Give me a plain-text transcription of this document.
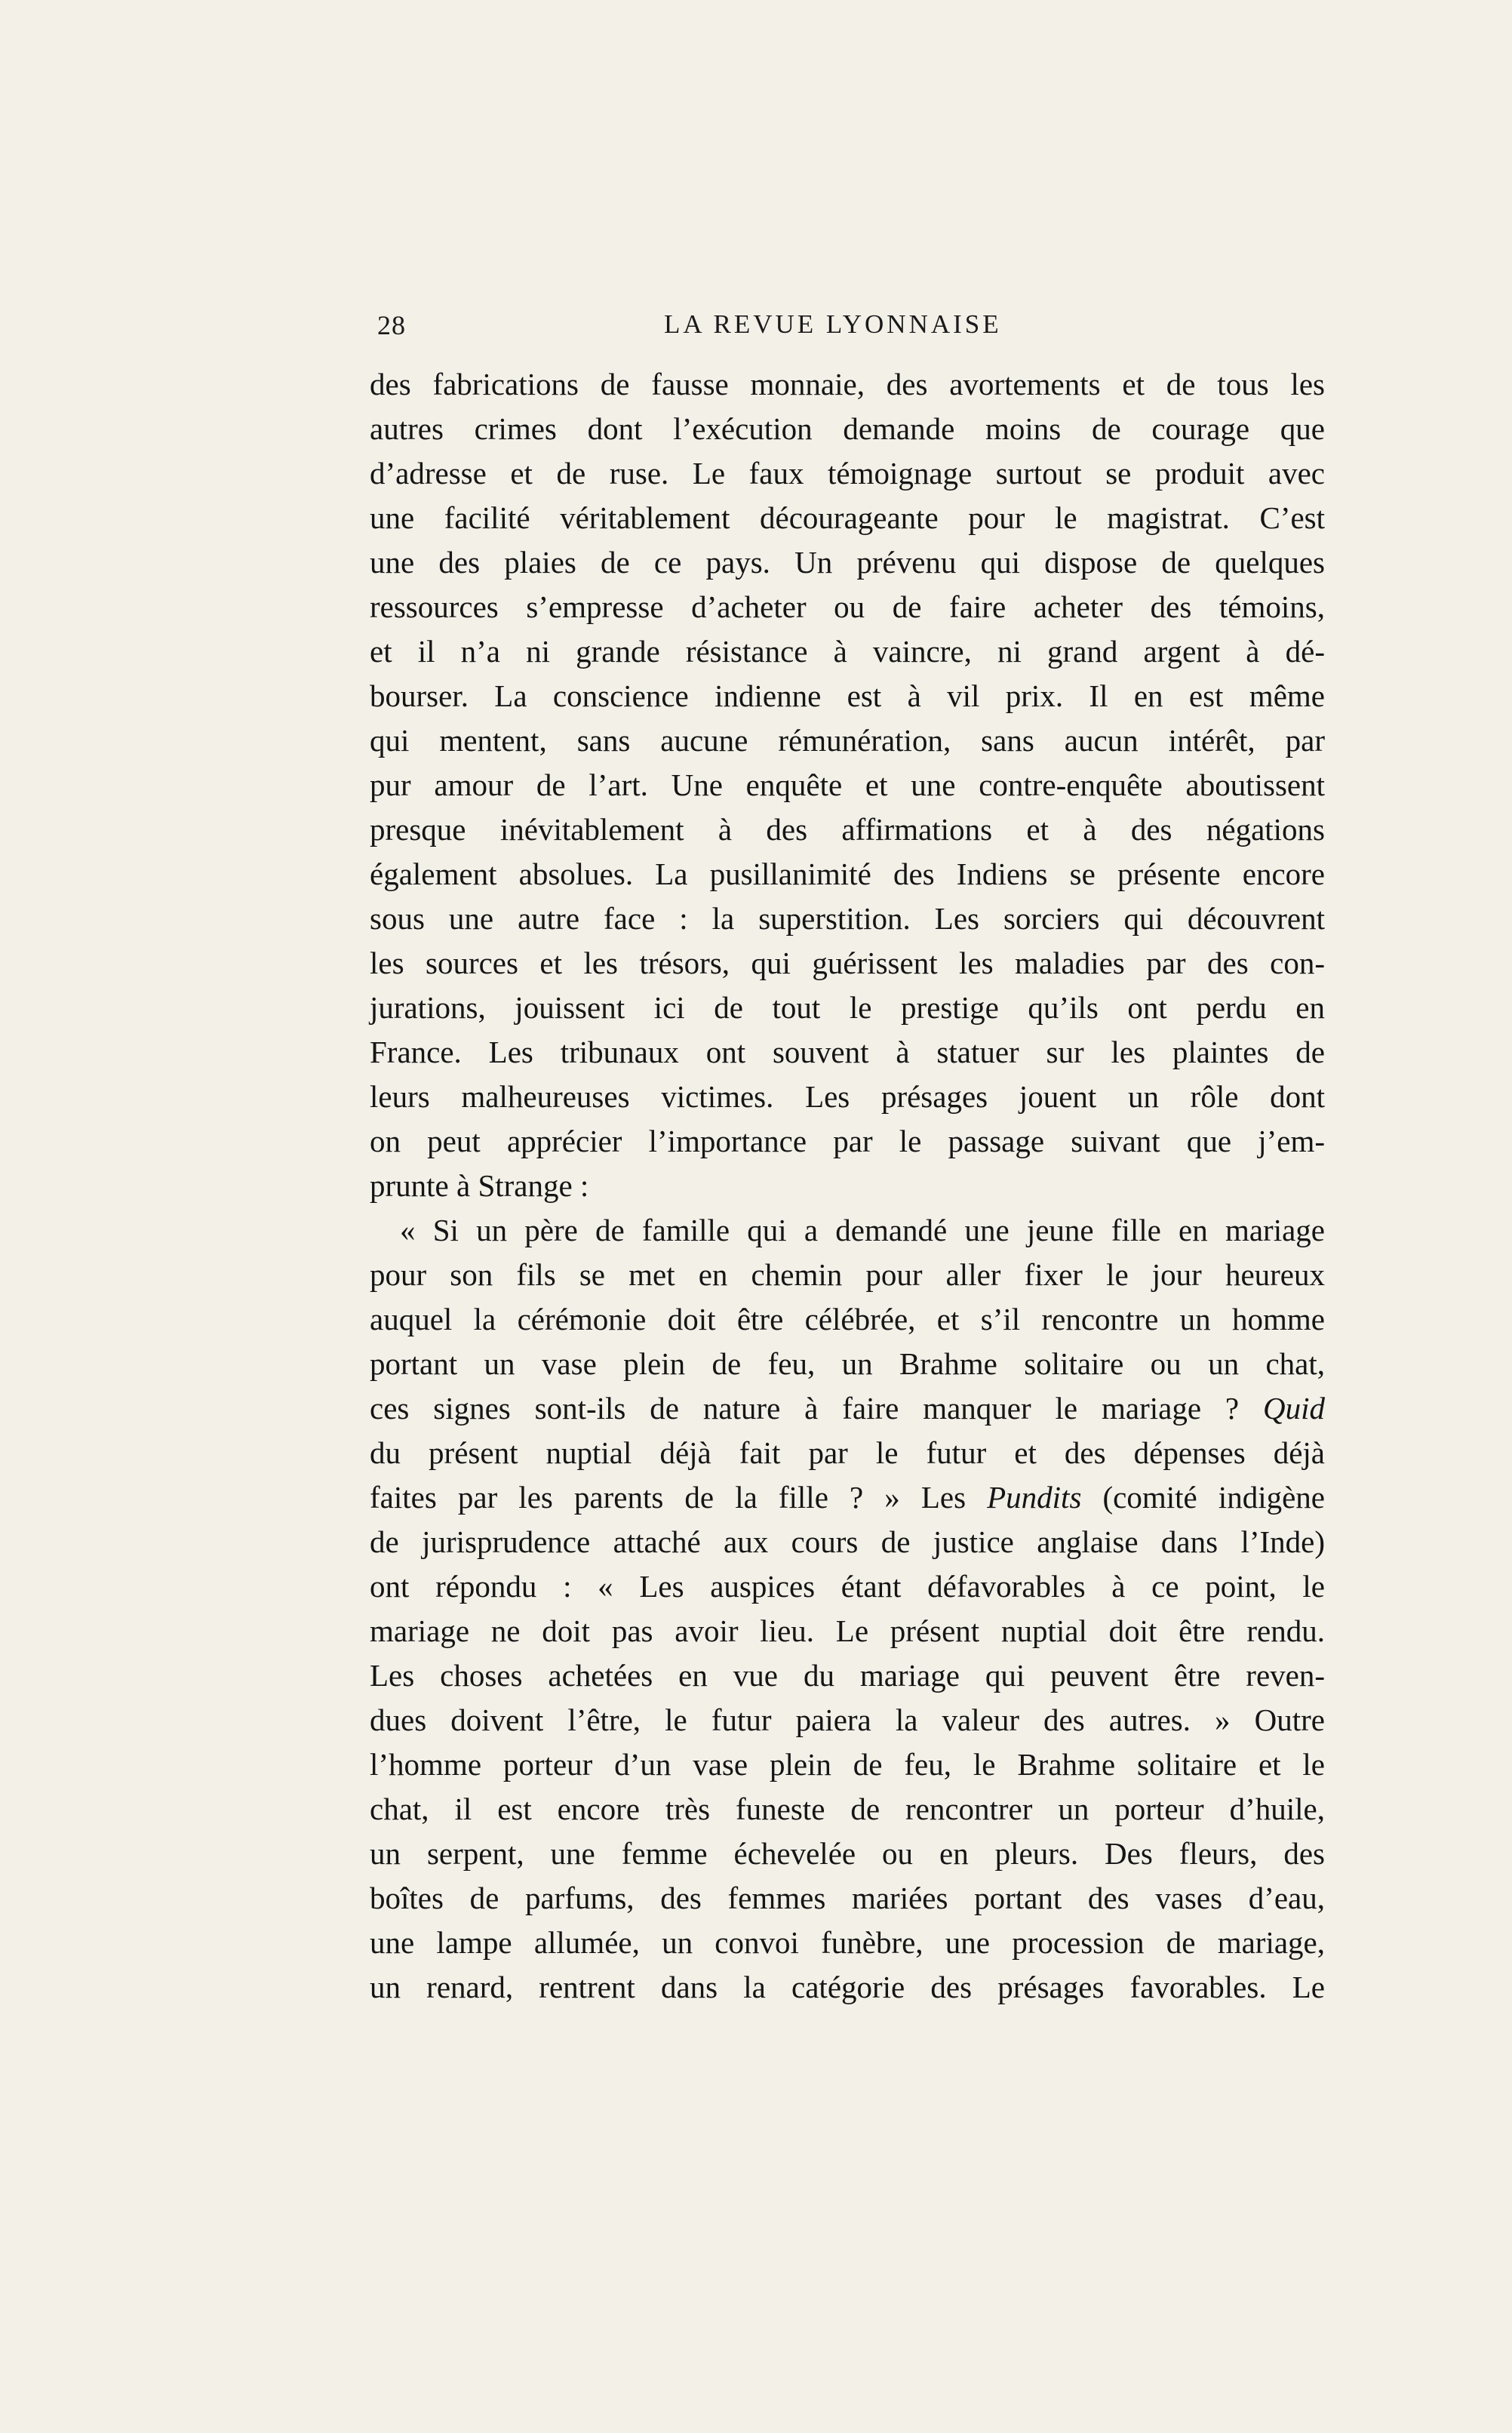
28	LA REVUE LYONNAISE
des fabrications de fausse monnaie, des avortements et de tous les
autres crimes dont l’exécution demande moins de courage que
d’adresse et de ruse. Le faux témoignage surtout se produit avec
une facilité véritablement décourageante pour le magistrat. C’est
une des plaies de ce pays. Un prévenu qui dispose de quelques
ressources s’empresse d’acheter ou de faire acheter des témoins,
et il n’a ni grande résistance à vaincre, ni grand argent à dé-
bourser. La conscience indienne est à vil prix. Il en est même
qui mentent, sans aucune rémunération, sans aucun intérêt, par
pur amour de l’art. Une enquête et une contre-enquête aboutissent
presque inévitablement à des affirmations et à des négations
également absolues. La pusillanimité des Indiens se présente encore
sous une autre face : la superstition. Les sorciers qui découvrent
les sources et les trésors, qui guérissent les maladies par des con-
jurations, jouissent ici de tout le prestige qu’ils ont perdu en
France. Les tribunaux ont souvent à statuer sur les plaintes de
leurs malheureuses victimes. Les présages jouent un rôle dont
on peut apprécier l’importance par le passage suivant que j’em-
prunte à Strange :
« Si un père de famille qui a demandé une jeune fille en mariage
pour son fils se met en chemin pour aller fixer le jour heureux
auquel la cérémonie doit être célébrée, et s’il rencontre un homme
portant un vase plein de feu, un Brahme solitaire ou un chat,
ces signes sont-ils de nature à faire manquer le mariage ? Quid
du présent nuptial déjà fait par le futur et des dépenses déjà
faites par les parents de la fille ? » Les Pundits (comité indigène
de jurisprudence attaché aux cours de justice anglaise dans l’Inde)
ont répondu : « Les auspices étant défavorables à ce point, le
mariage ne doit pas avoir lieu. Le présent nuptial doit être rendu.
Les choses achetées en vue du mariage qui peuvent être reven-
dues doivent l’être, le futur paiera la valeur des autres. » Outre
l’homme porteur d’un vase plein de feu, le Brahme solitaire et le
chat, il est encore très funeste de rencontrer un porteur d’huile,
un serpent, une femme échevelée ou en pleurs. Des fleurs, des
boîtes de parfums, des femmes mariées portant des vases d’eau,
une lampe allumée, un convoi funèbre, une procession de mariage,
un renard, rentrent dans la catégorie des présages favorables. Le
